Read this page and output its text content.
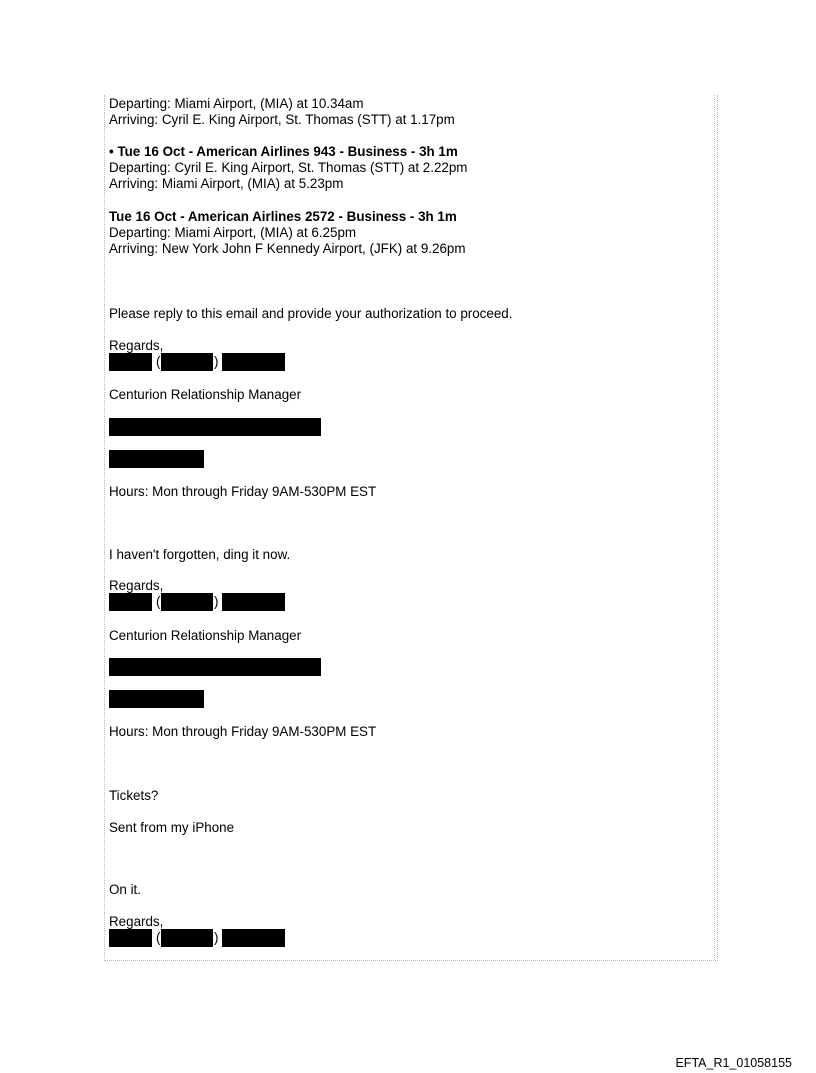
Departing: Miami Airport, (MIA) at 10.34am
Arriving: Cyril E. King Airport, St. Thomas (STT) at 1.17pm
• Tue 16 Oct - American Airlines 943 - Business - 3h 1m
Departing: Cyril E. King Airport, St. Thomas (STT) at 2.22pm
Arriving: Miami Airport, (MIA) at 5.23pm
Tue 16 Oct - American Airlines 2572 - Business - 3h 1m
Departing: Miami Airport, (MIA) at 6.25pm
Arriving: New York John F Kennedy Airport, (JFK) at 9.26pm
Please reply to this email and provide your authorization to proceed.
Regards,
(	)
Centurion Relationship Manager
Hours: Mon through Friday 9AM-530PM EST
I haven't forgotten, ding it now.
Regards,
(	)
Centurion Relationship Manager
Hours: Mon through Friday 9AM-530PM EST
Tickets?
Sent from my iPhone
On it.
Regards,
(	)
EFTA_R1_01058155
